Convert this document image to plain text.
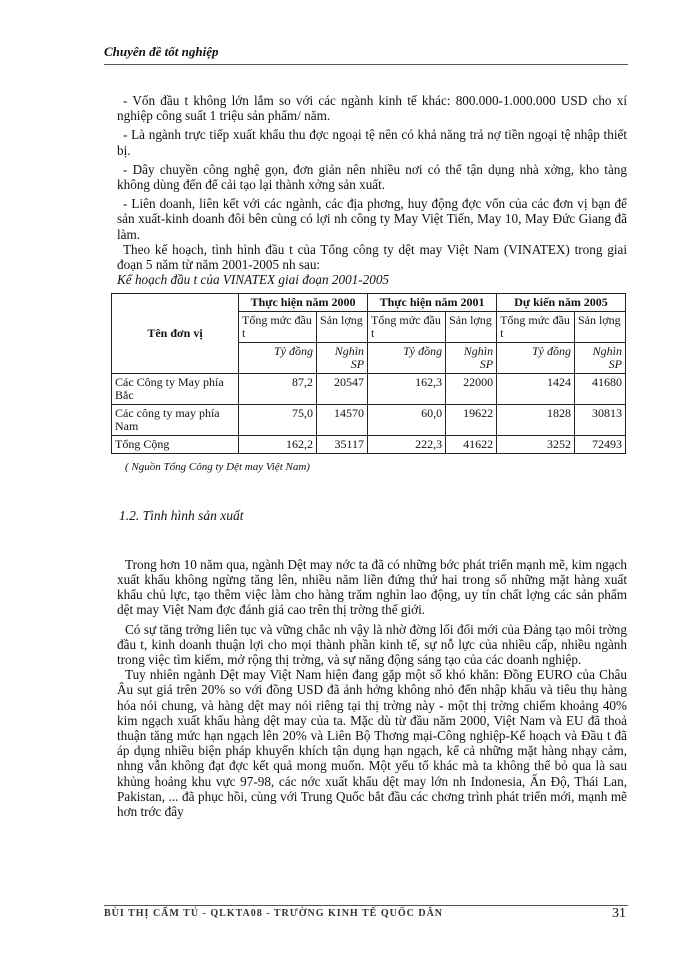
Chuyên đề tốt nghiệp

- Vốn đầu t không lớn lắm so với các ngành kinh tế khác: 800.000-1.000.000 USD cho xí nghiệp công suất 1 triệu sản phẩm/ năm.

- Là ngành trực tiếp xuất khẩu thu đợc ngoại tệ nên có khả năng trả nợ tiền ngoại tệ nhập thiết bị.

- Dây chuyền công nghệ gọn, đơn giản nên nhiều nơi có thể tận dụng nhà xởng, kho tàng không dùng đến để cải tạo lại thành xởng sản xuất.

- Liên doanh, liên kết với các ngành, các địa phơng, huy động đợc vốn của các đơn vị bạn để sản xuất-kinh doanh đôi bên cùng có lợi nh công ty May Việt Tiến, May 10, May Đức Giang đã làm.

Theo kế hoạch, tình hình đầu t của Tổng công ty dệt may Việt Nam (VINATEX) trong giai đoạn 5 năm từ năm 2001-2005 nh sau:

Kế hoạch đầu t của VINATEX giai đoạn 2001-2005
Tên đơn vị	Thực hiện năm 2000		Thực hiện năm 2001		Dự kiến năm 2005	
	Tổng mức đầu t	Sản lợng	Tổng mức đầu t	Sản lợng	Tổng mức đầu t	Sản lợng
	Tỷ đồng	Nghìn SP	Tỷ đồng	Nghìn SP	Tỷ đồng	Nghìn SP
Các Công ty May phía Bắc	87,2	20547	162,3	22000	1424	41680
Các công ty may phía Nam	75,0	14570	60,0	19622	1828	30813
Tổng Cộng	162,2	35117	222,3	41622	3252	72493
( Nguồn Tổng Công ty Dệt may Việt Nam)
1.2. Tình hình sản xuất

Trong hơn 10 năm qua, ngành Dệt may nớc ta đã có những bớc phát triển mạnh mẽ, kim ngạch xuất khẩu không ngừng tăng lên, nhiều năm liền đứng thứ hai trong số những mặt hàng xuất khẩu chủ lực, tạo thêm việc làm cho hàng trăm nghìn lao động, uy tín chất lợng các sản phẩm dệt may Việt Nam đợc đánh giá cao trên thị trờng thế giới.

Có sự tăng trởng liên tục và vững chắc nh vậy là nhờ đờng lối đổi mới của Đảng tạo môi trờng đầu t, kinh doanh thuận lợi cho mọi thành phần kinh tế, sự nỗ lực của nhiều cấp, nhiều ngành trong việc tìm kiếm, mở rộng thị trờng, và sự năng động sáng tạo của các doanh nghiệp.

Tuy nhiên ngành Dệt may Việt Nam hiện đang gặp một số khó khăn: Đồng EURO của Châu Âu sụt giá trên 20% so với đồng USD đã ảnh hởng không nhỏ đến nhập khẩu và tiêu thụ hàng hóa nói chung, và hàng dệt may nói riêng tại thị trờng này - một thị trờng chiếm khoảng 40% kim ngạch xuất khẩu hàng dệt may của ta. Mặc dù từ đầu năm 2000, Việt Nam và EU đã thoả thuận tăng mức hạn ngạch lên 20% và Liên Bộ Thơng mại-Công nghiệp-Kế hoạch và Đầu t đã áp dụng nhiều biện pháp khuyến khích tận dụng hạn ngạch, kể cả những mặt hàng nhạy cảm, nhng vẫn không đạt đợc kết quả mong muốn. Một yếu tố khác mà ta không thể bỏ qua là sau khủng hoảng khu vực 97-98, các nớc xuất khẩu dệt may lớn nh Indonesia, Ấn Độ, Thái Lan, Pakistan, ... đã phục hồi, cùng với Trung Quốc bắt đầu các chơng trình phát triển mới, mạnh mẽ hơn trớc đây

BÙI THỊ CẨM TÚ - QLKTA08 - TRƯỜNG KINH TẾ QUỐC DÂN	31
